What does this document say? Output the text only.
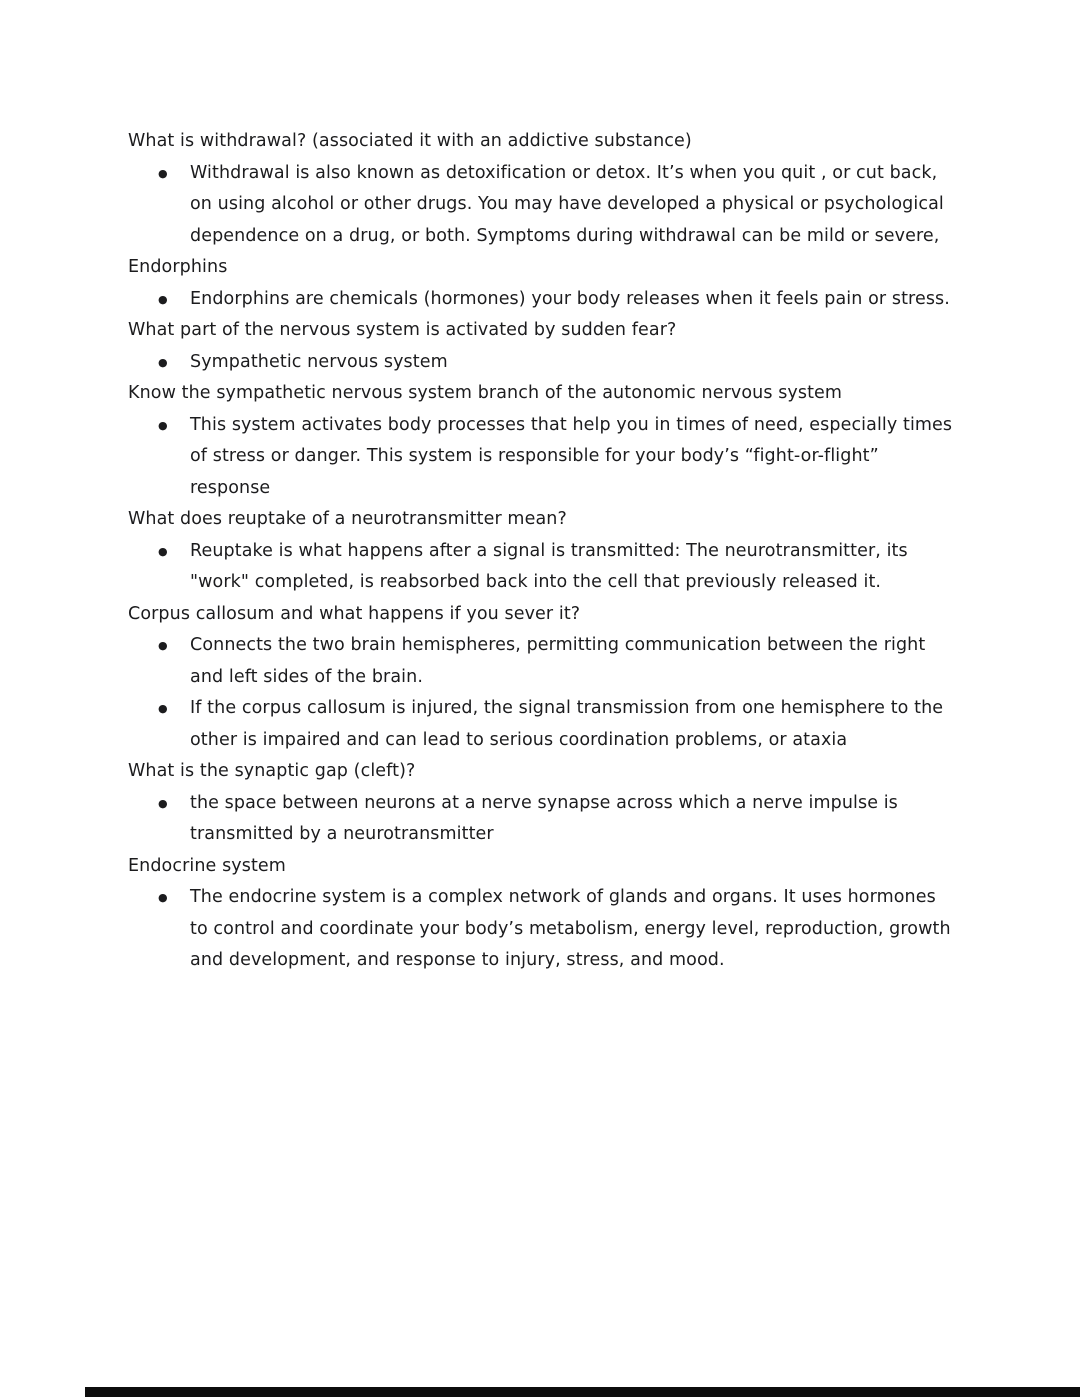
What is withdrawal? (associated it with an addictive substance)
● Withdrawal is also known as detoxification or detox. It’s when you quit , or cut back, on using alcohol or other drugs. You may have developed a physical or psychological dependence on a drug, or both. Symptoms during withdrawal can be mild or severe,
Endorphins
● Endorphins are chemicals (hormones) your body releases when it feels pain or stress.
What part of the nervous system is activated by sudden fear?
● Sympathetic nervous system
Know the sympathetic nervous system branch of the autonomic nervous system
● This system activates body processes that help you in times of need, especially times of stress or danger. This system is responsible for your body’s “fight-or-flight” response
What does reuptake of a neurotransmitter mean?
● Reuptake is what happens after a signal is transmitted: The neurotransmitter, its "work" completed, is reabsorbed back into the cell that previously released it.
Corpus callosum and what happens if you sever it?
● Connects the two brain hemispheres, permitting communication between the right and left sides of the brain.
● If the corpus callosum is injured, the signal transmission from one hemisphere to the other is impaired and can lead to serious coordination problems, or ataxia
What is the synaptic gap (cleft)?
● the space between neurons at a nerve synapse across which a nerve impulse is transmitted by a neurotransmitter
Endocrine system
● The endocrine system is a complex network of glands and organs. It uses hormones to control and coordinate your body’s metabolism, energy level, reproduction, growth and development, and response to injury, stress, and mood.
